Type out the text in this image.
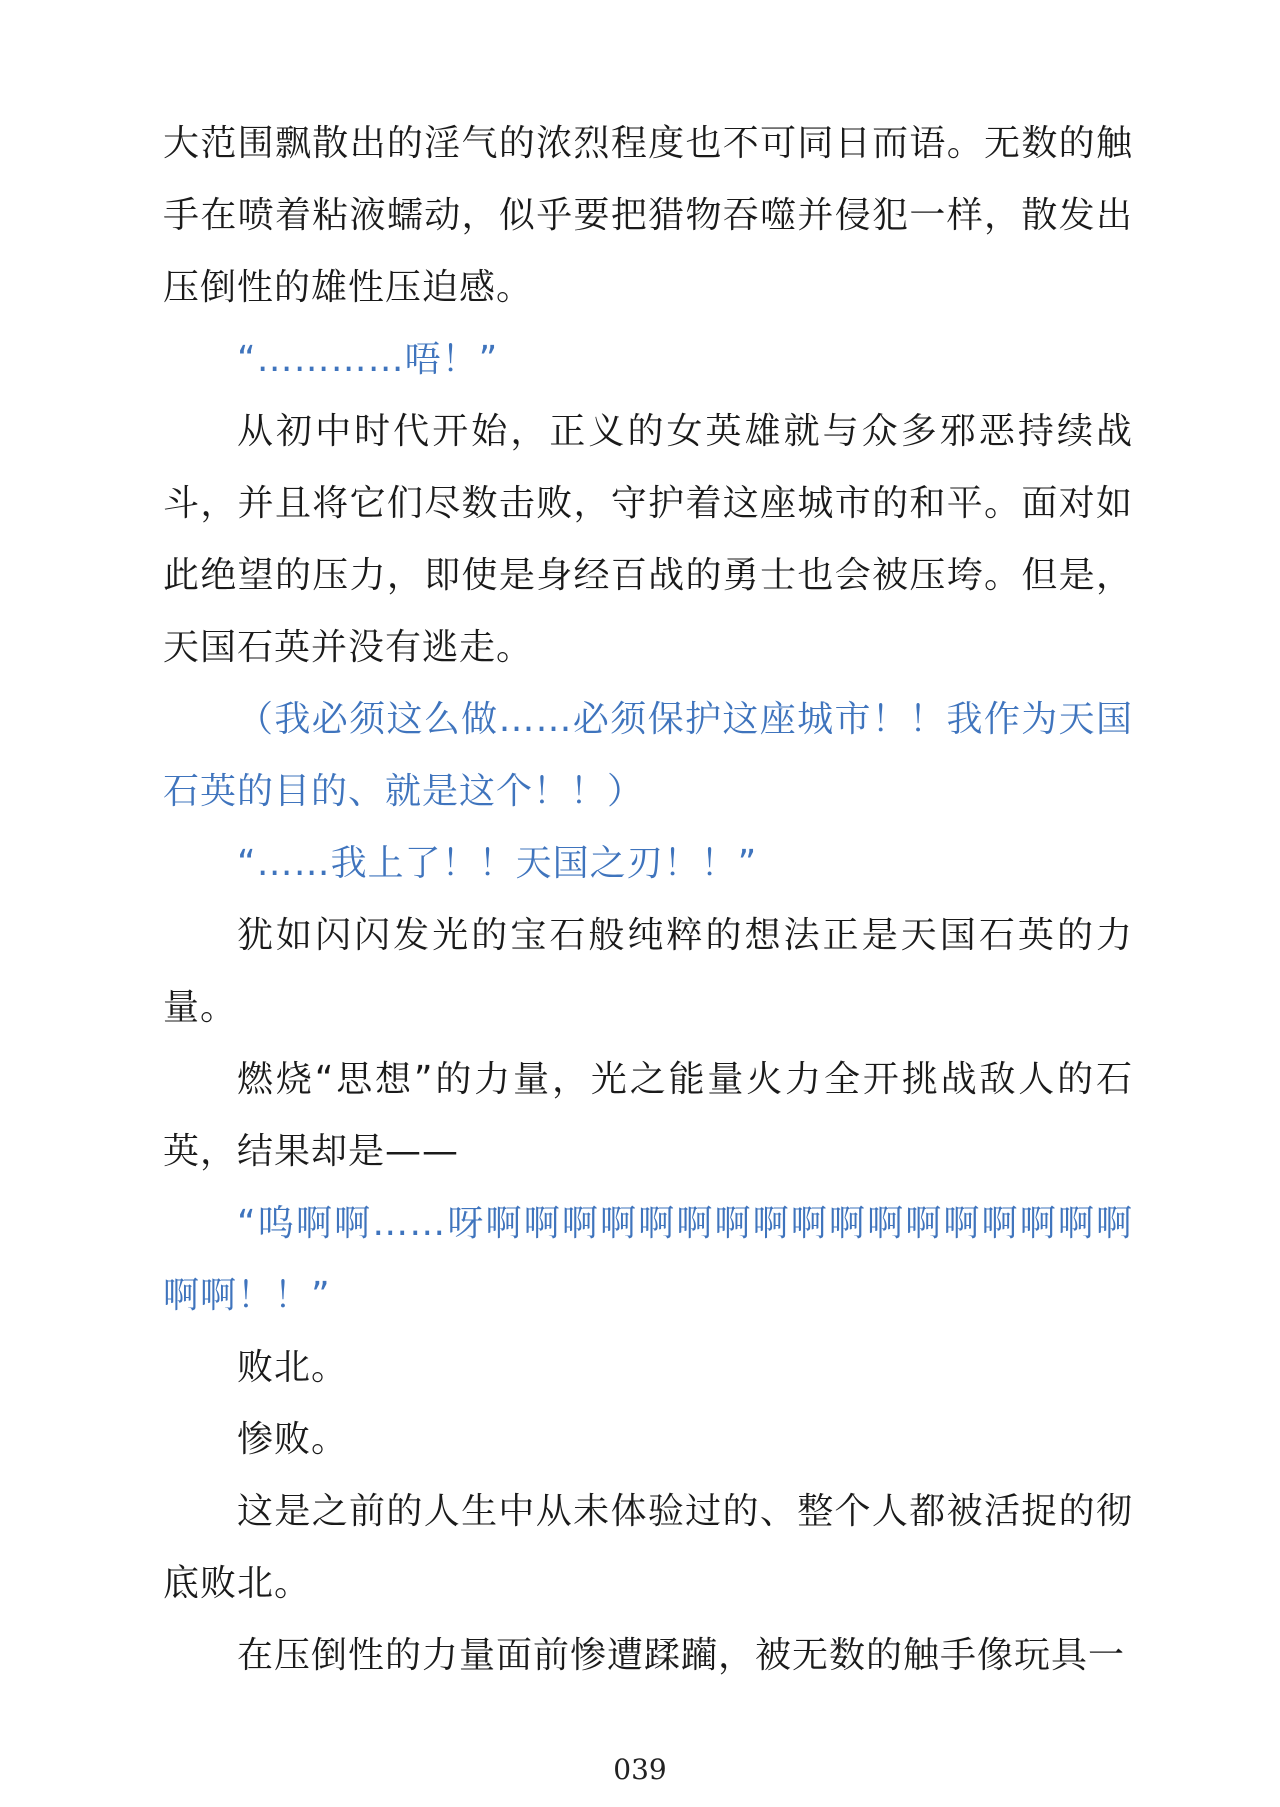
大范围飘散出的淫气的浓烈程度也不可同日而语。无数的触手在喷着粘液蠕动，似乎要把猎物吞噬并侵犯一样，散发出压倒性的雄性压迫感。

“…………唔！”

从初中时代开始，正义的女英雄就与众多邪恶持续战斗，并且将它们尽数击败，守护着这座城市的和平。面对如此绝望的压力，即使是身经百战的勇士也会被压垮。但是，天国石英并没有逃走。

（我必须这么做……必须保护这座城市！！我作为天国石英的目的、就是这个！！）

“……我上了！！天国之刃！！”

犹如闪闪发光的宝石般纯粹的想法正是天国石英的力量。

燃烧“思想”的力量，光之能量火力全开挑战敌人的石英，结果却是——

“呜啊啊……呀啊啊啊啊啊啊啊啊啊啊啊啊啊啊啊啊啊啊啊！！”

败北。

惨败。

这是之前的人生中从未体验过的、整个人都被活捉的彻底败北。

在压倒性的力量面前惨遭蹂躏，被无数的触手像玩具一

039
